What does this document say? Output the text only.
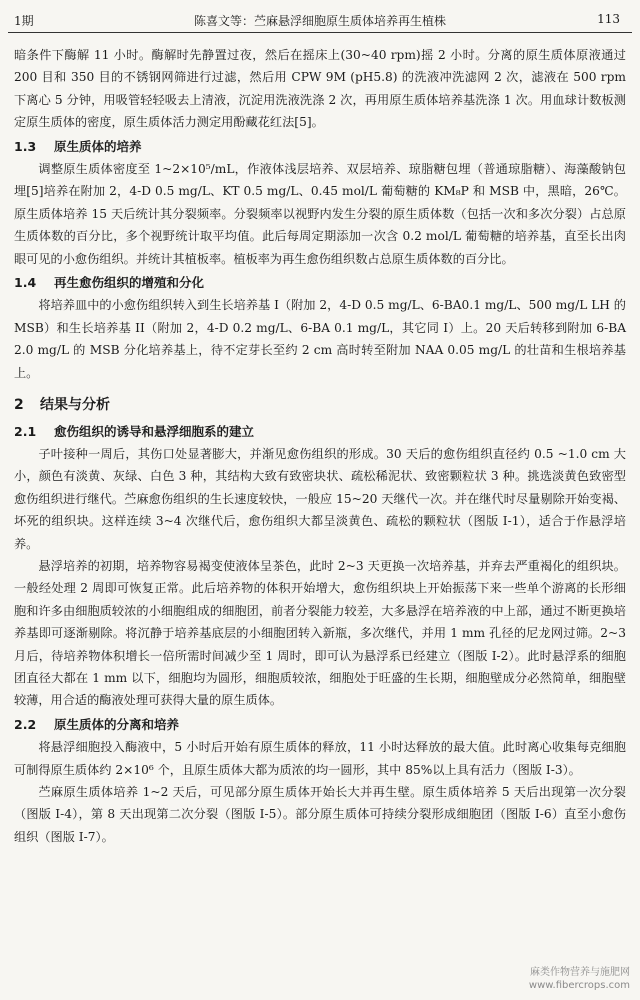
1期	陈喜文等：苎麻悬浮细胞原生质体培养再生植株	113

暗条件下酶解 11 小时。酶解时先静置过夜，然后在摇床上(30~40 rpm)摇 2 小时。分离的原生质体原液通过 200 目和 350 目的不锈钢网筛进行过滤，然后用 CPW 9M (pH5.8) 的洗液冲洗滤网 2 次，滤液在 500 rpm 下离心 5 分钟，用吸管轻轻吸去上清液，沉淀用洗液洗涤 2 次，再用原生质体培养基洗涤 1 次。用血球计数板测定原生质体的密度，原生质体活力测定用酚藏花红法[5]。

1.3 原生质体的培养

调整原生质体密度至 1~2×10⁵/mL，作液体浅层培养、双层培养、琼脂糖包埋（普通琼脂糖）、海藻酸钠包埋[5]培养在附加 2，4-D 0.5 mg/L、KT 0.5 mg/L、0.45 mol/L 葡萄糖的 KM₈P 和 MSB 中，黑暗，26℃。原生质体培养 15 天后统计其分裂频率。分裂频率以视野内发生分裂的原生质体数（包括一次和多次分裂）占总原生质体数的百分比，多个视野统计取平均值。此后每周定期添加一次含 0.2 mol/L 葡萄糖的培养基，直至长出肉眼可见的小愈伤组织。并统计其植板率。植板率为再生愈伤组织数占总原生质体数的百分比。

1.4 再生愈伤组织的增殖和分化

将培养皿中的小愈伤组织转入到生长培养基 I（附加 2，4-D 0.5 mg/L、6-BA0.1 mg/L、500 mg/L LH 的 MSB）和生长培养基 II（附加 2，4-D 0.2 mg/L、6-BA 0.1 mg/L，其它同 I）上。20 天后转移到附加 6-BA 2.0 mg/L 的 MSB 分化培养基上，待不定芽长至约 2 cm 高时转至附加 NAA 0.05 mg/L 的壮苗和生根培养基上。

2 结果与分析
2.1 愈伤组织的诱导和悬浮细胞系的建立

子叶接种一周后，其伤口处显著膨大，并渐见愈伤组织的形成。30 天后的愈伤组织直径约 0.5 ~1.0 cm 大小，颜色有淡黄、灰绿、白色 3 种，其结构大致有致密块状、疏松稀泥状、致密颗粒状 3 种。挑选淡黄色致密型愈伤组织进行继代。苎麻愈伤组织的生长速度较快，一般应 15~20 天继代一次。并在继代时尽量剔除开始变褐、坏死的组织块。这样连续 3~4 次继代后，愈伤组织大都呈淡黄色、疏松的颗粒状（图版 I-1），适合于作悬浮培养。

悬浮培养的初期，培养物容易褐变使液体呈茶色，此时 2~3 天更换一次培养基，并弃去严重褐化的组织块。一般经处理 2 周即可恢复正常。此后培养物的体积开始增大，愈伤组织块上开始振荡下来一些单个游离的长形细胞和许多由细胞质较浓的小细胞组成的细胞团，前者分裂能力较差，大多悬浮在培养液的中上部，通过不断更换培养基即可逐渐剔除。将沉静于培养基底层的小细胞团转入新瓶，多次继代，并用 1 mm 孔径的尼龙网过筛。2~3 月后，待培养物体积增长一倍所需时间减少至 1 周时，即可认为悬浮系已经建立（图版 I-2）。此时悬浮系的细胞团直径大都在 1 mm 以下，细胞均为圆形，细胞质较浓，细胞处于旺盛的生长期，细胞壁成分必然简单，细胞壁较薄，用合适的酶液处理可获得大量的原生质体。

2.2 原生质体的分离和培养

将悬浮细胞投入酶液中，5 小时后开始有原生质体的释放，11 小时达释放的最大值。此时离心收集每克细胞可制得原生质体约 2×10⁶ 个，且原生质体大都为质浓的均一圆形，其中 85%以上具有活力（图版 I-3）。

苎麻原生质体培养 1~2 天后，可见部分原生质体开始长大并再生壁。原生质体培养 5 天后出现第一次分裂（图版 I-4），第 8 天出现第二次分裂（图版 I-5）。部分原生质体可持续分裂形成细胞团（图版 I-6）直至小愈伤组织（图版 I-7）。

麻类作物营养与施肥网
www.fibercrops.com
